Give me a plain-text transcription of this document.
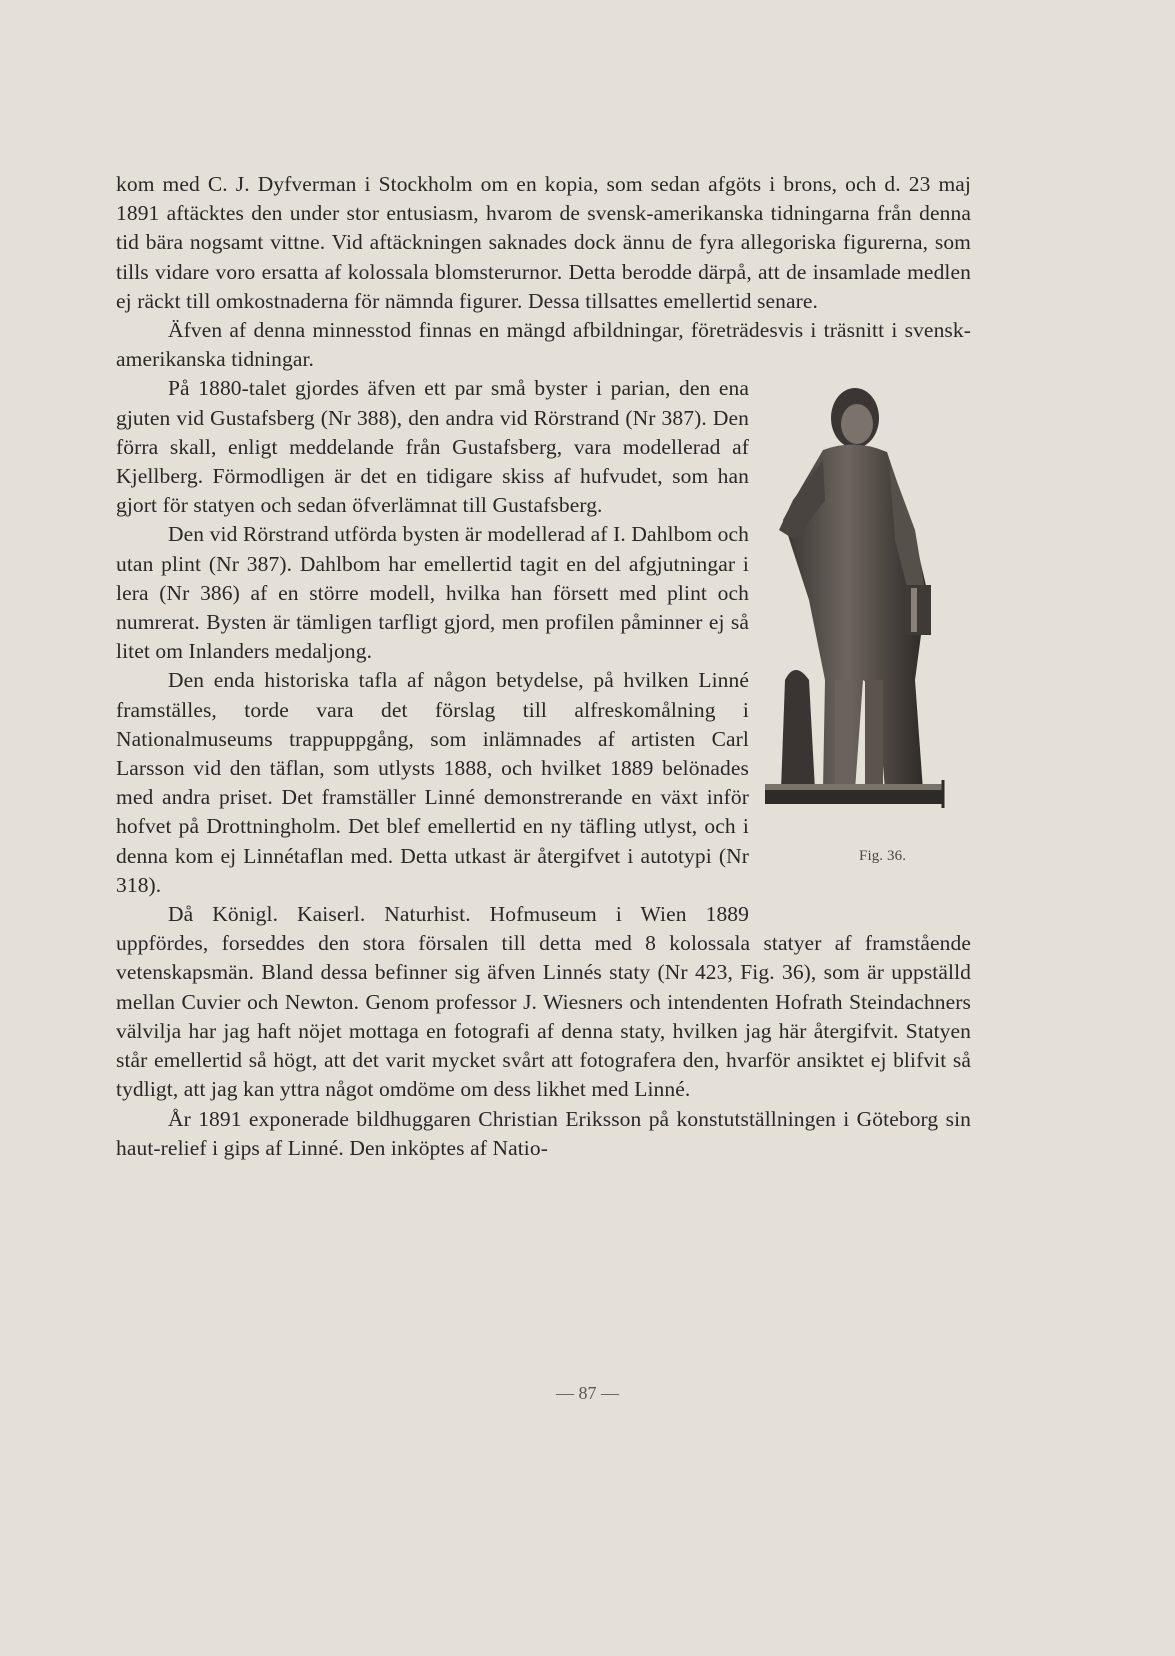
kom med C. J. Dyfverman i Stockholm om en kopia, som sedan afgöts i brons, och d. 23 maj 1891 aftäcktes den under stor entusiasm, hvarom de svensk-amerikanska tidningarna från denna tid bära nogsamt vittne. Vid aftäckningen saknades dock ännu de fyra allegoriska figurerna, som tills vidare voro ersatta af kolossala blomsterurnor. Detta berodde därpå, att de insamlade medlen ej räckt till omkostnaderna för nämnda figurer. Dessa tillsattes emellertid senare.

Äfven af denna minnesstod finnas en mängd afbildningar, företrädesvis i träsnitt i svensk-amerikanska tidningar.

Fig. 36.

På 1880-talet gjordes äfven ett par små byster i parian, den ena gjuten vid Gustafsberg (Nr 388), den andra vid Rörstrand (Nr 387). Den förra skall, enligt meddelande från Gustafsberg, vara modellerad af Kjellberg. Förmodligen är det en tidigare skiss af hufvudet, som han gjort för statyen och sedan öfverlämnat till Gustafsberg.

Den vid Rörstrand utförda bysten är modellerad af I. Dahlbom och utan plint (Nr 387). Dahlbom har emellertid tagit en del afgjutningar i lera (Nr 386) af en större modell, hvilka han försett med plint och numrerat. Bysten är tämligen tarfligt gjord, men profilen påminner ej så litet om Inlanders medaljong.

Den enda historiska tafla af någon betydelse, på hvilken Linné framställes, torde vara det förslag till alfreskomålning i Nationalmuseums trappuppgång, som inlämnades af artisten Carl Larsson vid den täflan, som utlysts 1888, och hvilket 1889 belönades med andra priset. Det framställer Linné demonstrerande en växt inför hofvet på Drottningholm. Det blef emellertid en ny täfling utlyst, och i denna kom ej Linnétaflan med. Detta utkast är återgifvet i autotypi (Nr 318).

Då Königl. Kaiserl. Naturhist. Hofmuseum i Wien 1889 uppfördes, forseddes den stora försalen till detta med 8 kolossala statyer af framstående vetenskapsmän. Bland dessa befinner sig äfven Linnés staty (Nr 423, Fig. 36), som är uppställd mellan Cuvier och Newton. Genom professor J. Wiesners och intendenten Hofrath Steindachners välvilja har jag haft nöjet mottaga en fotografi af denna staty, hvilken jag här återgifvit. Statyen står emellertid så högt, att det varit mycket svårt att fotografera den, hvarför ansiktet ej blifvit så tydligt, att jag kan yttra något omdöme om dess likhet med Linné.

År 1891 exponerade bildhuggaren Christian Eriksson på konstutställningen i Göteborg sin haut-relief i gips af Linné. Den inköptes af Natio-

— 87 —
